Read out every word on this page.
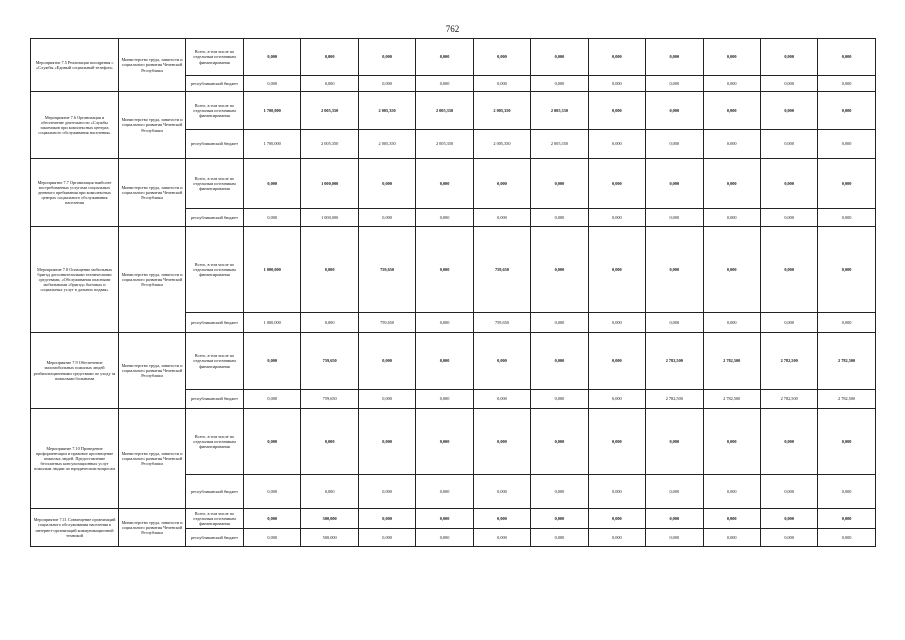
762
Мероприятие 7.5 Реализация поощрения с «Службы «Единый социальный телефон»	Министерство труда, занятости и социального развития Чеченской Республики	Всего, в том числе по отдельным источникам финансирования	0,000	0,000	0,000	0,000	0,000	0,000	0,000	0,000	0,000	0,000	0,000
		республиканский бюджет	0,000	0,000	0,000	0,000	0,000	0,000	0,000	0,000	0,000	0,000	0,000
Мероприятие 7.6 Организация и обеспечение деятельности «Службы заказчиков при комплексных центрах социального обслуживания населения»	Министерство труда, занятости и социального развития Чеченской Республики	Всего, в том числе по отдельным источникам финансирования	1 700,000	2 005,350	2 005,350	2 005,350	2 005,350	2 005,350	0,000	0,000	0,000	0,000	0,000
		республиканский бюджет	1 700,000	2 005,350	2 005,350	2 005,350	2 005,350	2 005,350	0,000	0,000	0,000	0,000	0,000
Мероприятие 7.7 Организация наиболее востребованных услугами социальных дневного пребывания при комплексных центрах социального обслуживания населения	Министерство труда, занятости и социального развития Чеченской Республики	Всего, в том числе по отдельным источникам финансирования	0,000	1 000,000	0,000	0,000	0,000	0,000	0,000	0,000	0,000	0,000	0,000
		республиканский бюджет	0,000	1 000,000	0,000	0,000	0,000	0,000	0,000	0,000	0,000	0,000	0,000
Мероприятие 7.8 Оснащение мобильных бригад дополнительными техническими средствами, «Обслуживания опасными мобильными «бригад» бытовых и социальных услуг в дальних подвая»	Министерство труда, занятости и социального развития Чеченской Республики	Всего, в том числе по отдельным источникам финансирования	1 000,000	0,000	759,650	0,000	759,650	0,000	0,000	0,000	0,000	0,000	0,000
		республиканский бюджет	1 000,000	0,000	759,650	0,000	759,650	0,000	0,000	0,000	0,000	0,000	0,000
Мероприятие 7.9 Обеспечение маломобильных пожилых людей реабилитационными средствами по уходу за пожилыми больными	Министерство труда, занятости и социального развития Чеченской Республики	Всего, в том числе по отдельным источникам финансирования	0,000	759,650	0,000	0,000	0,000	0,000	0,000	2 782,500	2 782,500	2 782,500	2 782,500
		республиканский бюджет	0,000	759,650	0,000	0,000	0,000	0,000	0,000	2 782,500	2 782,500	2 782,500	2 782,500
Мероприятие 7.10 Проведение профориентации и правовое просвещение пожилых людей. Предоставление бесплатных консультационных услуг пожилым людям по юридическим вопросам	Министерство труда, занятости и социального развития Чеченской Республики	Всего, в том числе по отдельным источникам финансирования	0,000	0,000	0,000	0,000	0,000	0,000	0,000	0,000	0,000	0,000	0,000
		республиканский бюджет	0,000	0,000	0,000	0,000	0,000	0,000	0,000	0,000	0,000	0,000	0,000
Мероприятие 7.11 Совмещение организаций социального обслуживания населения к интернет-организаций коммуникационной техникой	Министерство труда, занятости и социального развития Чеченской Республики	Всего, в том числе по отдельным источникам финансирования	0,000	500,000	0,000	0,000	0,000	0,000	0,000	0,000	0,000	0,000	0,000
		республиканский бюджет	0,000	500,000	0,000	0,000	0,000	0,000	0,000	0,000	0,000	0,000	0,000
